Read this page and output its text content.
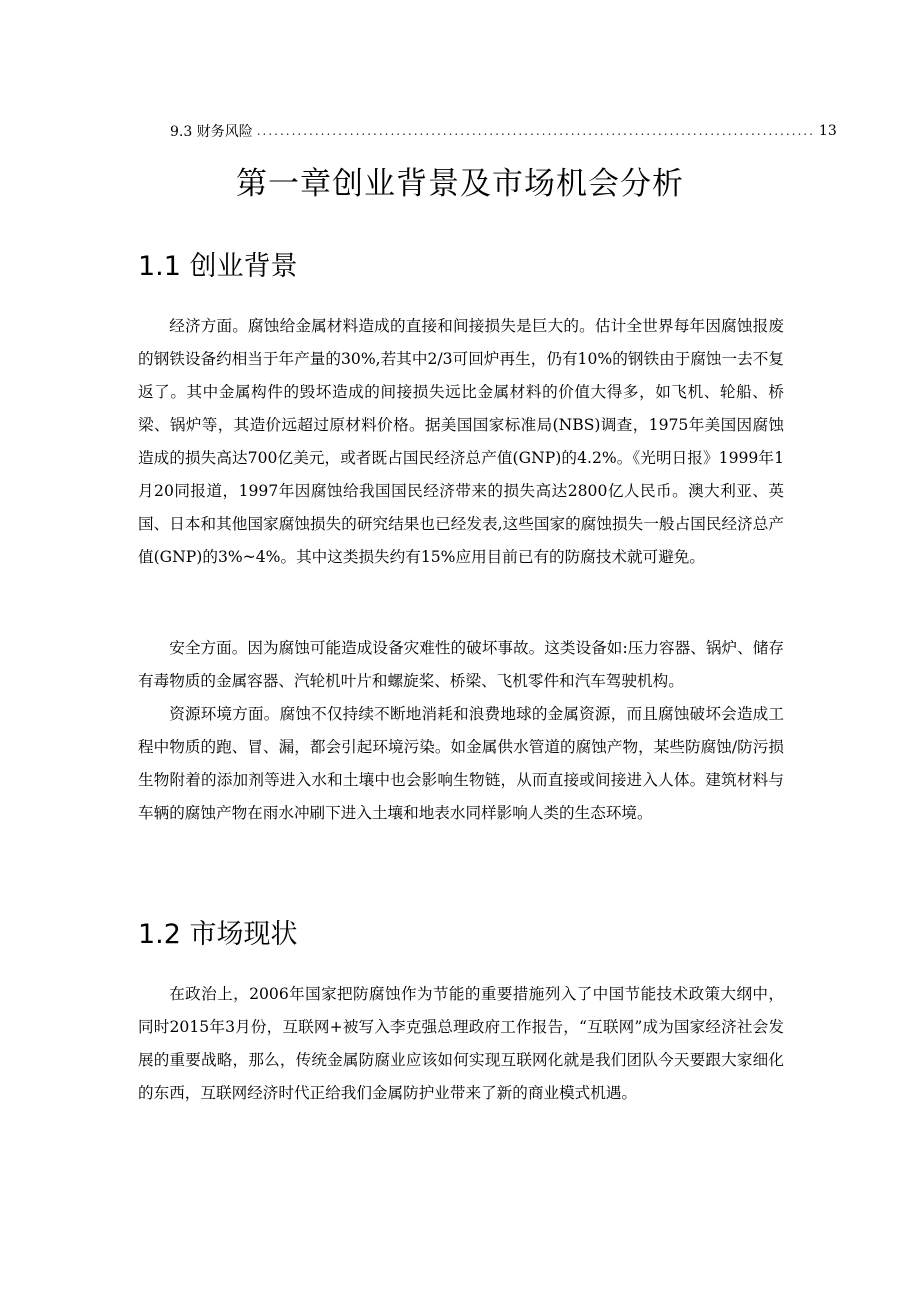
9.3 财务风险 ................................................................................................ 13
第一章创业背景及市场机会分析
1.1 创业背景

经济方面。腐蚀给金属材料造成的直接和间接损失是巨大的。估计全世界每年因腐蚀报废的钢铁设备约相当于年产量的30%,若其中2/3可回炉再生，仍有10%的钢铁由于腐蚀一去不复返了。其中金属构件的毁坏造成的间接损失远比金属材料的价值大得多，如飞机、轮船、桥梁、锅炉等，其造价远超过原材料价格。据美国国家标准局(NBS)调查，1975年美国因腐蚀造成的损失高达700亿美元，或者既占国民经济总产值(GNP)的4.2%。《光明日报》1999年1月20同报道，1997年因腐蚀给我国国民经济带来的损失高达2800亿人民币。澳大利亚、英国、日本和其他国家腐蚀损失的研究结果也已经发表,这些国家的腐蚀损失一般占国民经济总产值(GNP)的3%~4%。其中这类损失约有15%应用目前已有的防腐技术就可避免。

安全方面。因为腐蚀可能造成设备灾难性的破坏事故。这类设备如:压力容器、锅炉、储存有毒物质的金属容器、汽轮机叶片和螺旋桨、桥梁、飞机零件和汽车驾驶机构。

资源环境方面。腐蚀不仅持续不断地消耗和浪费地球的金属资源，而且腐蚀破坏会造成工程中物质的跑、冒、漏，都会引起环境污染。如金属供水管道的腐蚀产物，某些防腐蚀/防污损生物附着的添加剂等进入水和土壤中也会影响生物链，从而直接或间接进入人体。建筑材料与车辆的腐蚀产物在雨水冲刷下进入土壤和地表水同样影响人类的生态环境。

1.2 市场现状

在政治上，2006年国家把防腐蚀作为节能的重要措施列入了中国节能技术政策大纲中，同时2015年3月份，互联网+被写入李克强总理政府工作报告，“互联网”成为国家经济社会发展的重要战略，那么，传统金属防腐业应该如何实现互联网化就是我们团队今天要跟大家细化的东西，互联网经济时代正给我们金属防护业带来了新的商业模式机遇。
